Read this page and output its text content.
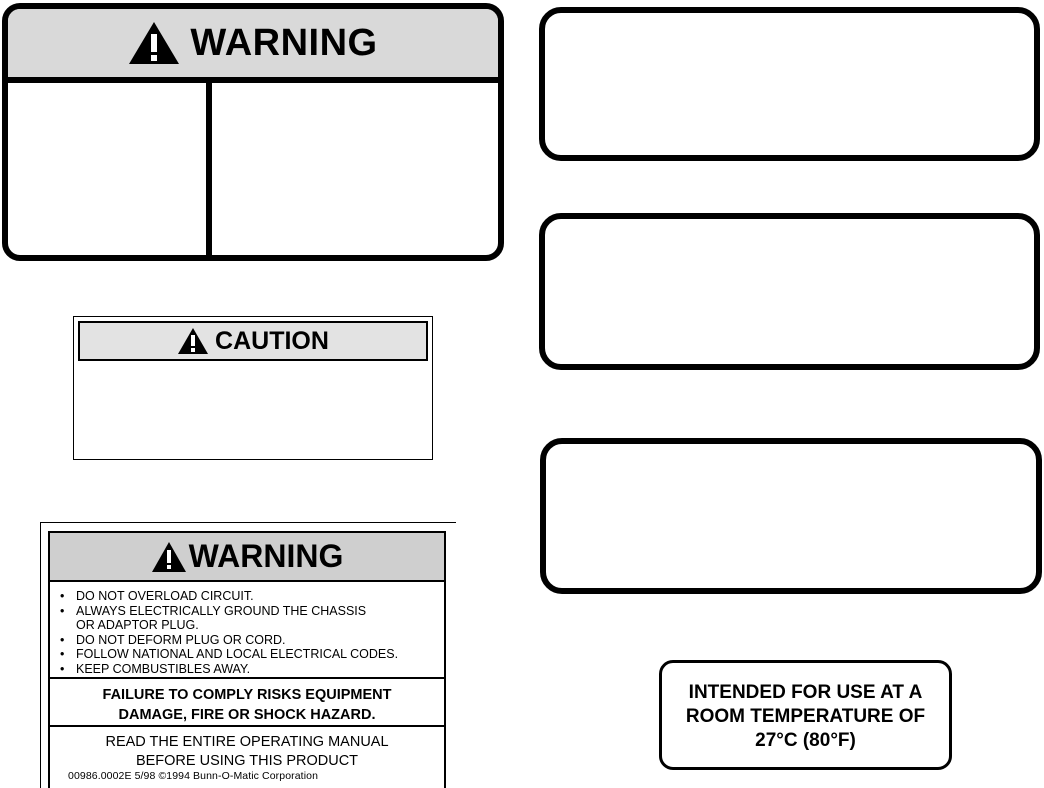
WARNING
CAUTION
WARNING
• DO NOT OVERLOAD CIRCUIT.
• ALWAYS ELECTRICALLY GROUND THE CHASSIS OR ADAPTOR PLUG.
• DO NOT DEFORM PLUG OR CORD.
• FOLLOW NATIONAL AND LOCAL ELECTRICAL CODES.
• KEEP COMBUSTIBLES AWAY.
FAILURE TO COMPLY RISKS EQUIPMENT
DAMAGE, FIRE OR SHOCK HAZARD.
READ THE ENTIRE OPERATING MANUAL
BEFORE USING THIS PRODUCT
00986.0002E 5/98 ©1994 Bunn-O-Matic Corporation
INTENDED FOR USE AT A
ROOM TEMPERATURE OF
27°C (80°F)
